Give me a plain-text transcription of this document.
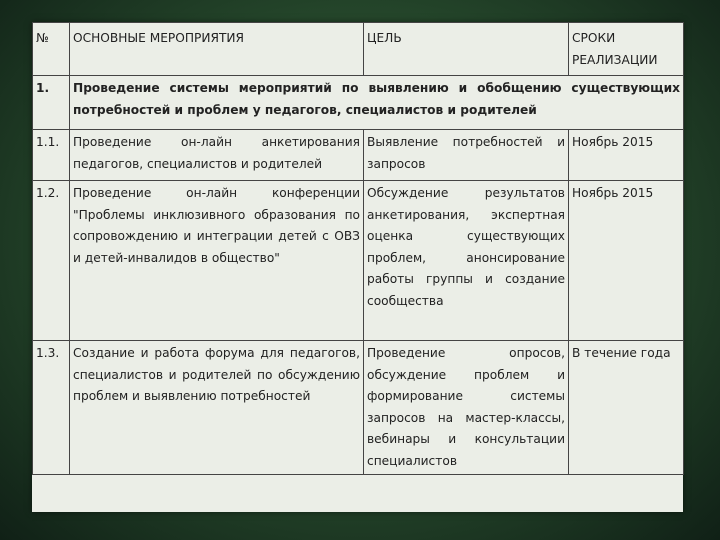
№	ОСНОВНЫЕ МЕРОПРИЯТИЯ	ЦЕЛЬ	СРОКИ РЕАЛИЗАЦИИ
1.	Проведение системы мероприятий по выявлению и обобщению существующих потребностей и проблем у педагогов, специалистов и родителей		
1.1.	Проведение он-лайн анкетирования педагогов, специалистов и родителей	Выявление потребностей и запросов	Ноябрь 2015
1.2.	Проведение он-лайн конференции "Проблемы инклюзивного образования по сопровождению и интеграции детей с ОВЗ и детей-инвалидов в общество"	Обсуждение результатов анкетирования, экспертная оценка существующих проблем, анонсирование работы группы и создание сообщества	Ноябрь 2015
1.3.	Создание и работа форума для педагогов, специалистов и родителей по обсуждению проблем и выявлению потребностей	Проведение опросов, обсуждение проблем и формирование системы запросов на мастер-классы, вебинары и консультации специалистов	В течение года
